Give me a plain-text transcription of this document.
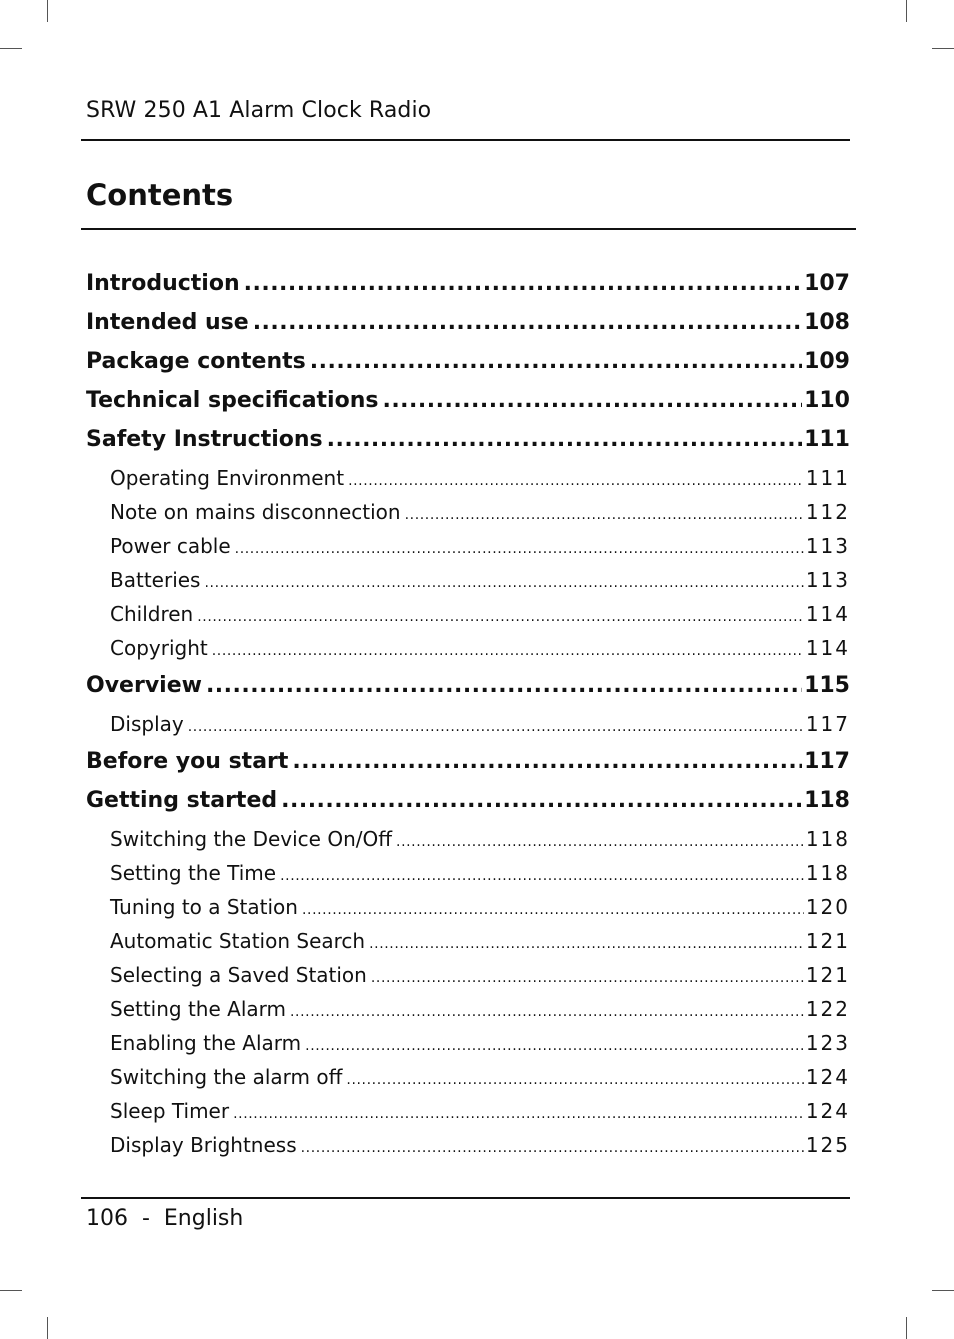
SRW 250 A1 Alarm Clock Radio
Contents
Introduction .....	107
Intended use .....	108
Package contents .....	109
Technical specifications .....	110
Safety Instructions .....	111
Operating Environment .....	111
Note on mains disconnection .....	112
Power cable .....	113
Batteries .....	113
Children .....	114
Copyright .....	114
Overview .....	115
Display .....	117
Before you start .....	117
Getting started .....	118
Switching the Device On/Off .....	118
Setting the Time .....	118
Tuning to a Station .....	120
Automatic Station Search .....	121
Selecting a Saved Station .....	121
Setting the Alarm .....	122
Enabling the Alarm .....	123
Switching the alarm off .....	124
Sleep Timer .....	124
Display Brightness .....	125
106  -  English
